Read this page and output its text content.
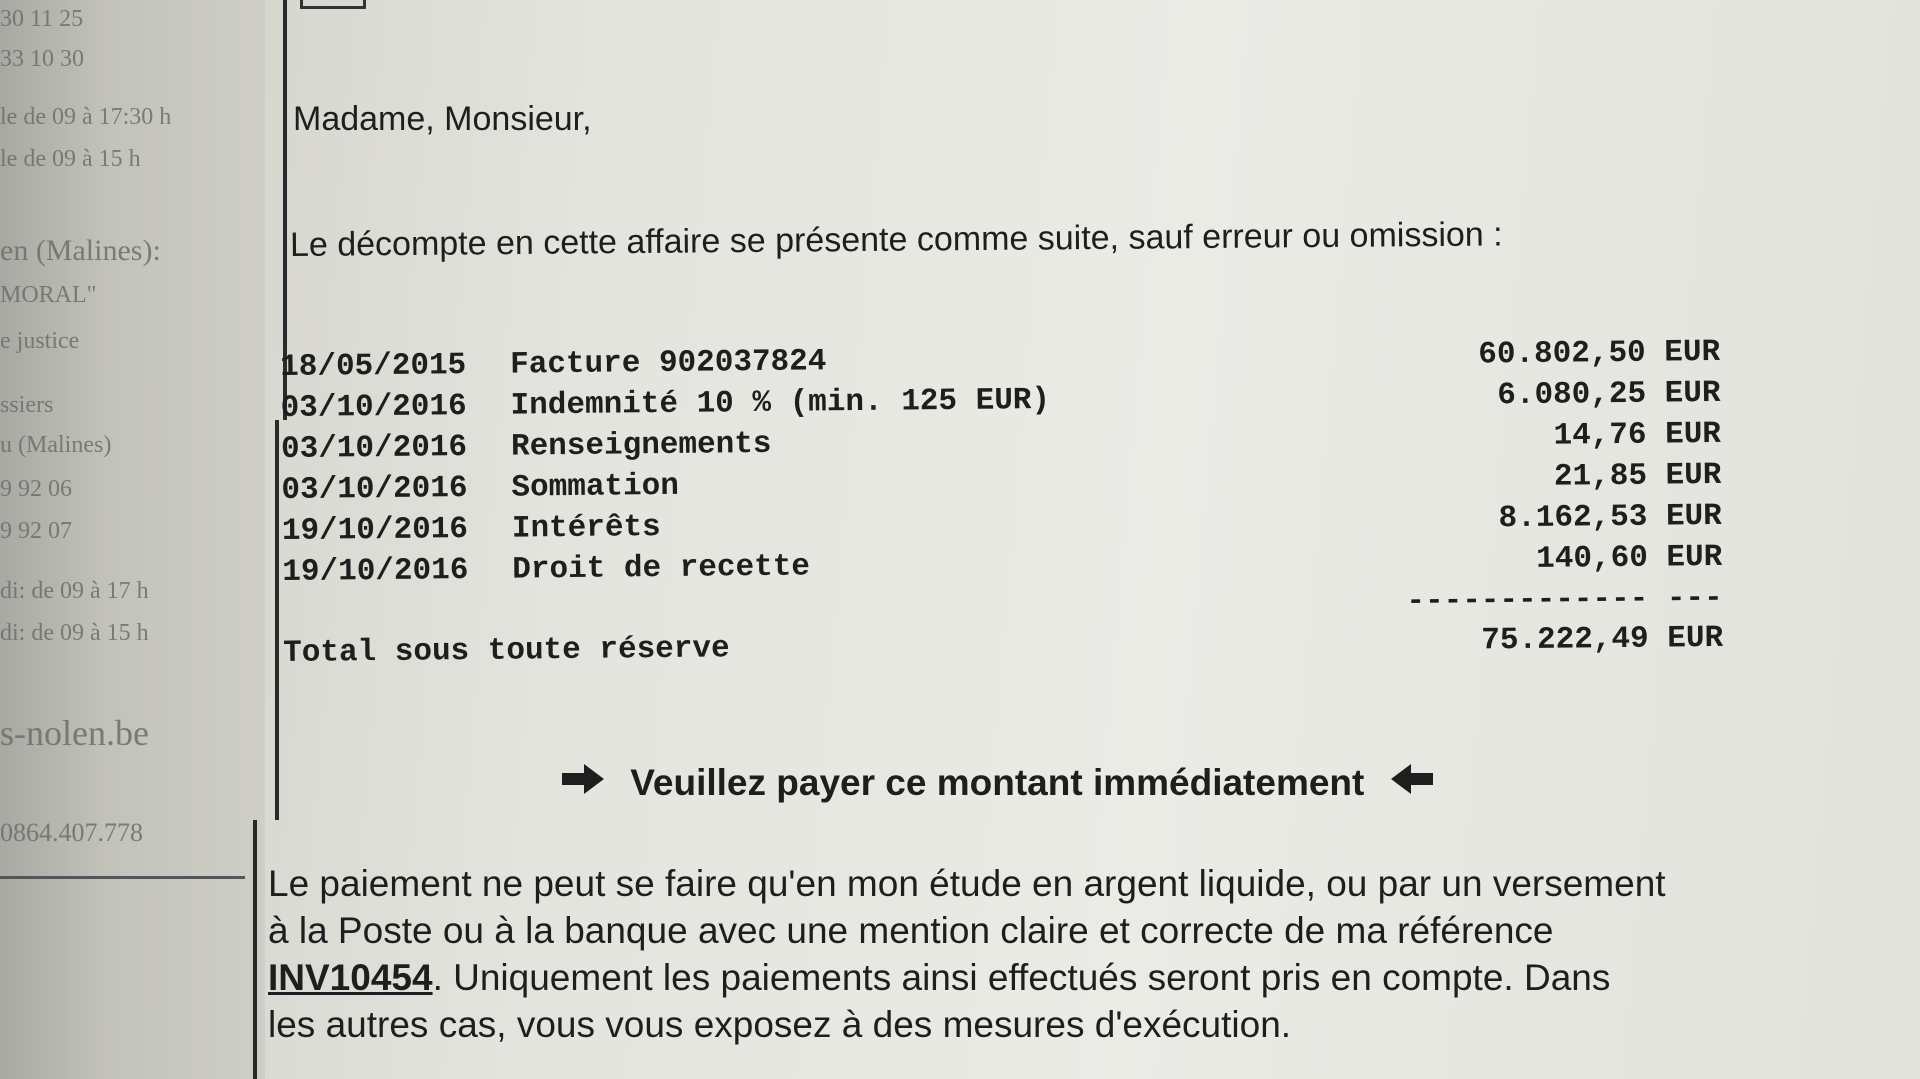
30 11 25
33 10 30
le de 09 à 17:30 h
le de 09 à 15 h
en (Malines):
MORAL"
e justice
ssiers
u (Malines)
9 92 06
9 92 07
di: de 09 à 17 h
di: de 09 à 15 h
s-nolen.be
0864.407.778
Madame, Monsieur,
Le décompte en cette affaire se présente comme suite, sauf erreur ou omission :
18/05/2015 Facture 902037824	60.802,50 EUR
03/10/2016 Indemnité 10 % (min. 125 EUR)	6.080,25 EUR
03/10/2016 Renseignements	14,76 EUR
03/10/2016 Sommation	21,85 EUR
19/10/2016 Intérêts	8.162,53 EUR
19/10/2016 Droit de recette	140,60 EUR
------------- ---
Total sous toute réserve	75.222,49 EUR
Veuillez payer ce montant immédiatement
Le paiement ne peut se faire qu'en mon étude en argent liquide, ou par un versement
à la Poste ou à la banque avec une mention claire et correcte de ma référence
INV10454. Uniquement les paiements ainsi effectués seront pris en compte. Dans
les autres cas, vous vous exposez à des mesures d'exécution.
